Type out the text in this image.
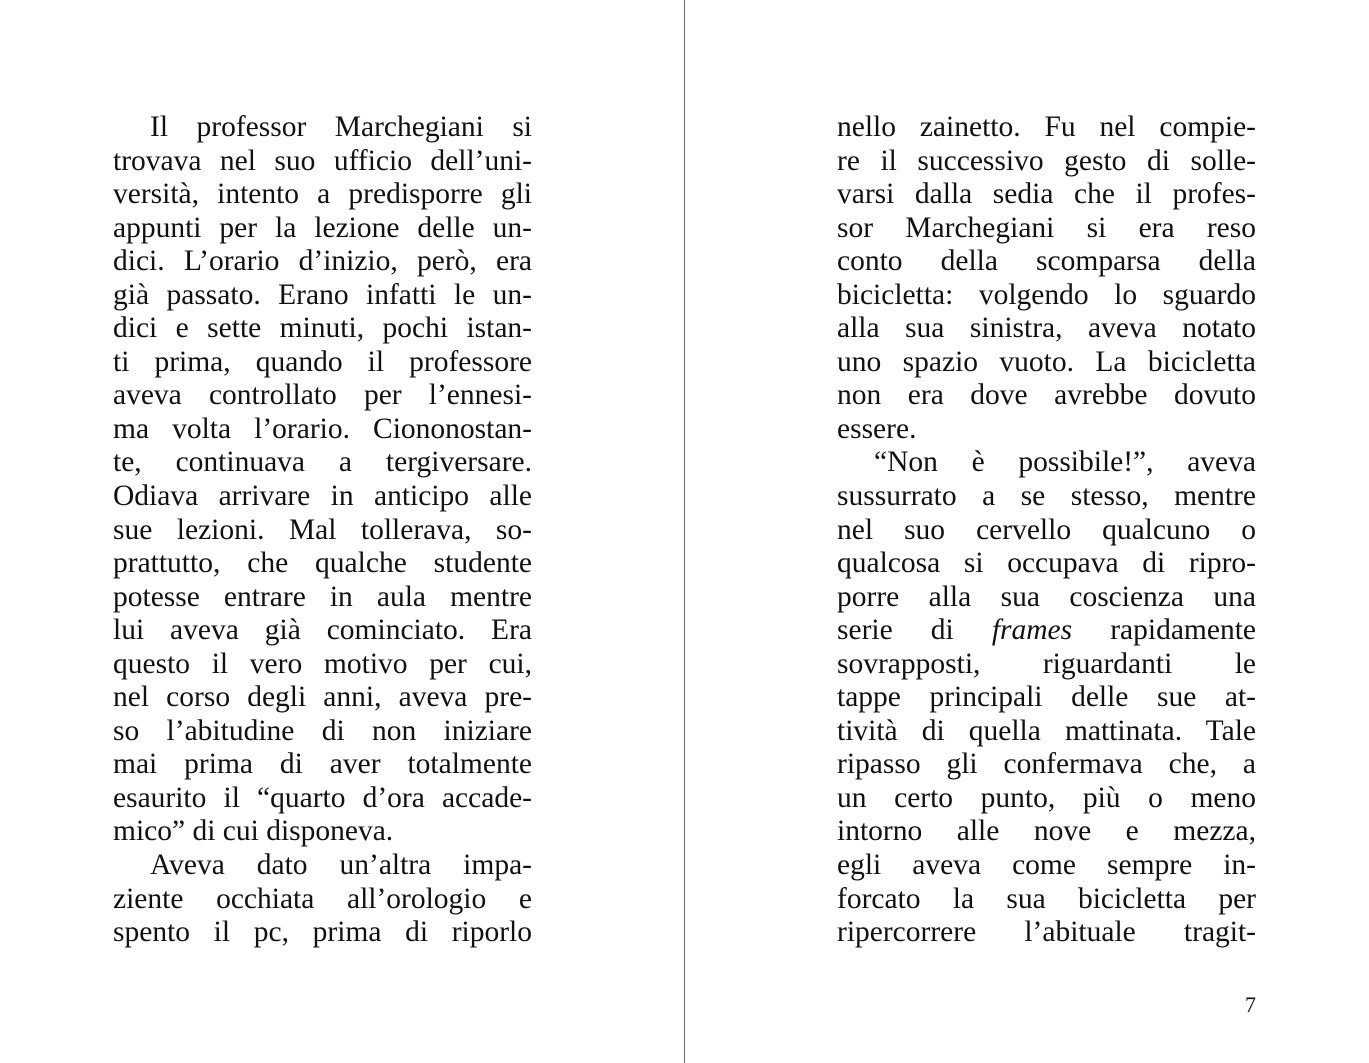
Il professor Marchegiani si
trovava nel suo ufficio dell’uni-
versità, intento a predisporre gli
appunti per la lezione delle un-
dici. L’orario d’inizio, però, era
già passato. Erano infatti le un-
dici e sette minuti, pochi istan-
ti prima, quando il professore
aveva controllato per l’ennesi-
ma volta l’orario. Ciononostan-
te, continuava a tergiversare.
Odiava arrivare in anticipo alle
sue lezioni. Mal tollerava, so-
prattutto, che qualche studente
potesse entrare in aula mentre
lui aveva già cominciato. Era
questo il vero motivo per cui,
nel corso degli anni, aveva pre-
so l’abitudine di non iniziare
mai prima di aver totalmente
esaurito il “quarto d’ora accade-
mico” di cui disponeva.
Aveva dato un’altra impa-
ziente occhiata all’orologio e
spento il pc, prima di riporlo
nello zainetto. Fu nel compie-
re il successivo gesto di solle-
varsi dalla sedia che il profes-
sor Marchegiani si era reso
conto della scomparsa della
bicicletta: volgendo lo sguardo
alla sua sinistra, aveva notato
uno spazio vuoto. La bicicletta
non era dove avrebbe dovuto
essere.
“Non è possibile!”, aveva
sussurrato a se stesso, mentre
nel suo cervello qualcuno o
qualcosa si occupava di ripro-
porre alla sua coscienza una
serie di frames rapidamente
sovrapposti, riguardanti le
tappe principali delle sue at-
tività di quella mattinata. Tale
ripasso gli confermava che, a
un certo punto, più o meno
intorno alle nove e mezza,
egli aveva come sempre in-
forcato la sua bicicletta per
ripercorrere l’abituale tragit-
7
